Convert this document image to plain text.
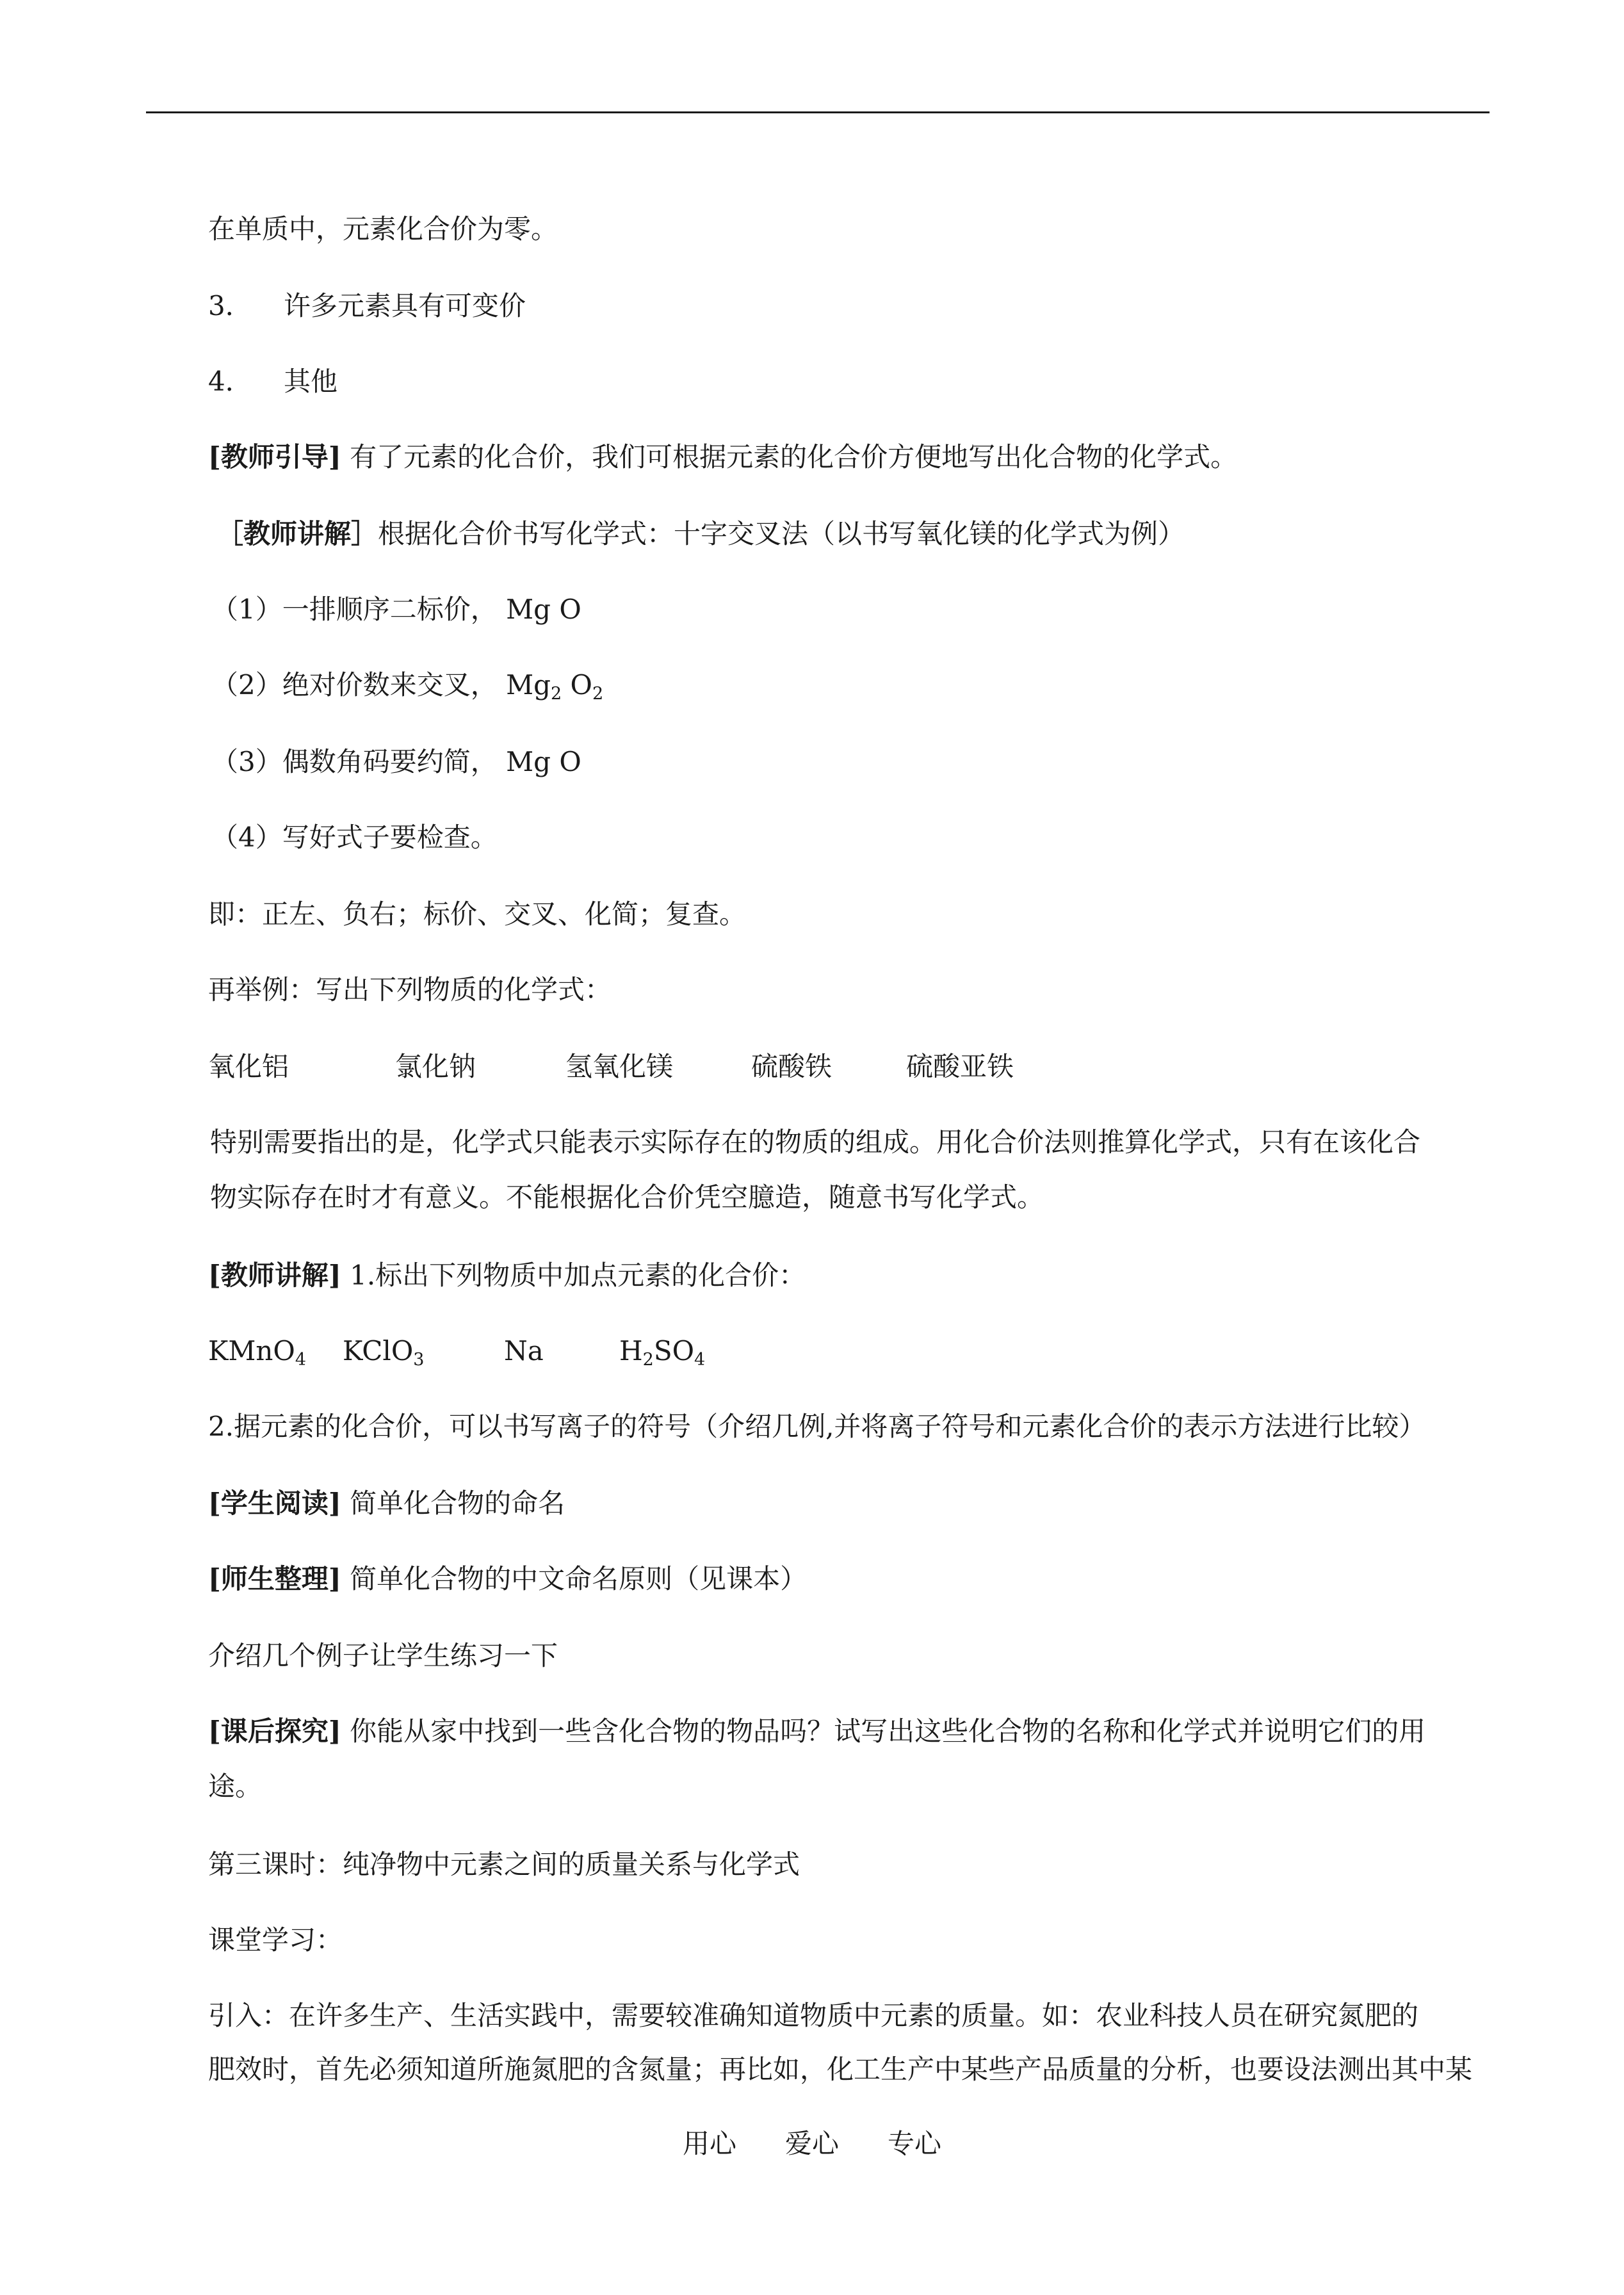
在单质中，元素化合价为零。
3． 许多元素具有可变价
4． 其他
[教师引导] 有了元素的化合价，我们可根据元素的化合价方便地写出化合物的化学式。
［教师讲解］根据化合价书写化学式：十字交叉法（以书写氧化镁的化学式为例）
（1）一排顺序二标价， Mg O
（2）绝对价数来交叉， $Mg_2$ $O_2$
（3）偶数角码要约简， Mg O
（4）写好式子要检查。
即：正左、负右；标价、交叉、化简；复查。
再举例：写出下列物质的化学式：
氧化铝	氯化钠	氢氧化镁	硫酸铁	硫酸亚铁
特别需要指出的是，化学式只能表示实际存在的物质的组成。用化合价法则推算化学式，只有在该化合
物实际存在时才有意义。不能根据化合价凭空臆造，随意书写化学式。
[教师讲解] 1.标出下列物质中加点元素的化合价：
KMnO$_4$ KClO$_3$	Na	$H_2SO_4$
2.据元素的化合价，可以书写离子的符号（介绍几例,并将离子符号和元素化合价的表示方法进行比较）
[学生阅读] 简单化合物的命名
[师生整理] 简单化合物的中文命名原则（见课本）
介绍几个例子让学生练习一下
[课后探究] 你能从家中找到一些含化合物的物品吗？试写出这些化合物的名称和化学式并说明它们的用
途。
第三课时：纯净物中元素之间的质量关系与化学式
课堂学习：
引入：在许多生产、生活实践中，需要较准确知道物质中元素的质量。如：农业科技人员在研究氮肥的
肥效时，首先必须知道所施氮肥的含氮量；再比如，化工生产中某些产品质量的分析，也要设法测出其中某
用心 爱心 专心
